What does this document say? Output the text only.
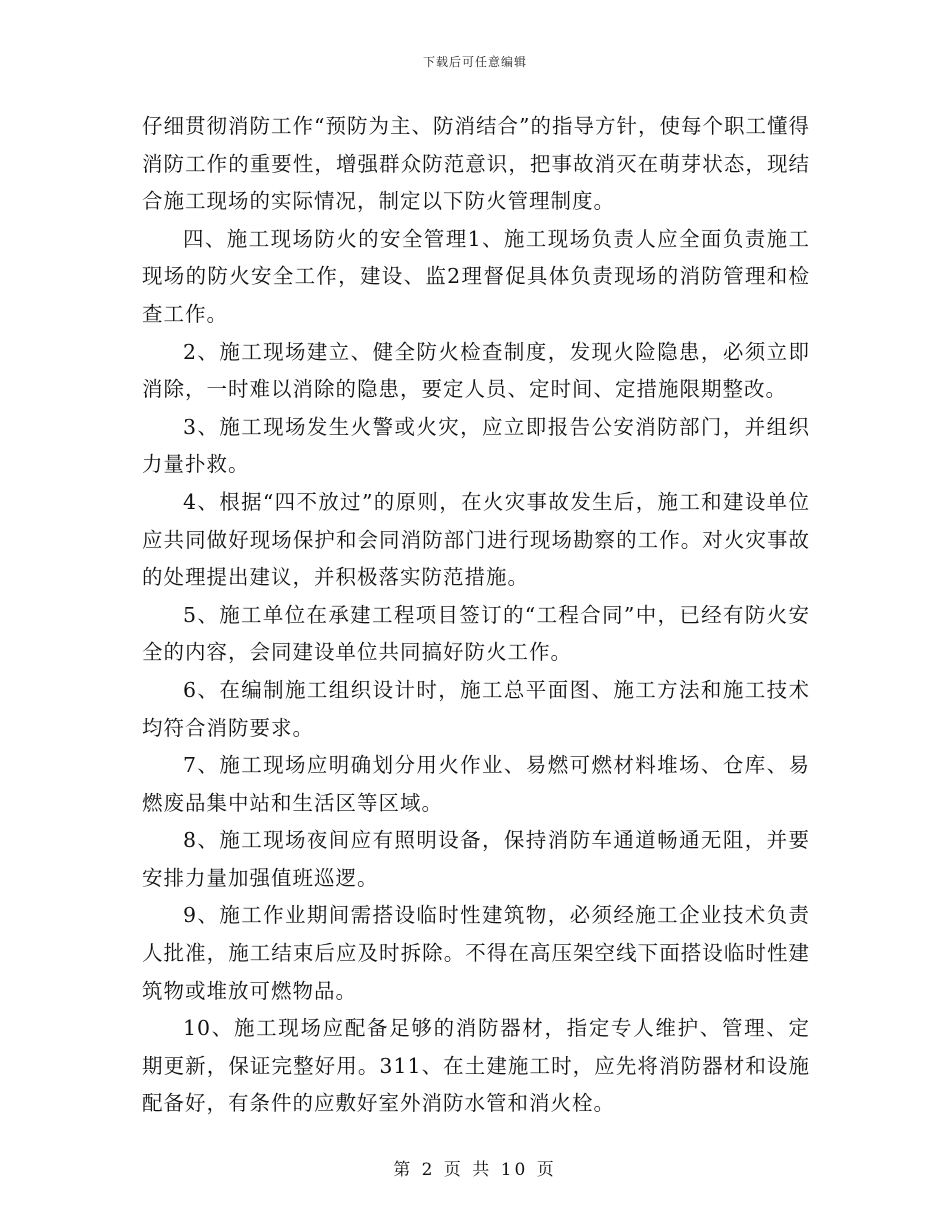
下载后可任意编辑

仔细贯彻消防工作“预防为主、防消结合”的指导方针，使每个职工懂得消防工作的重要性，增强群众防范意识，把事故消灭在萌芽状态，现结合施工现场的实际情况，制定以下防火管理制度。

四、施工现场防火的安全管理1、施工现场负责人应全面负责施工现场的防火安全工作，建设、监2理督促具体负责现场的消防管理和检查工作。

2、施工现场建立、健全防火检查制度，发现火险隐患，必须立即消除，一时难以消除的隐患，要定人员、定时间、定措施限期整改。

3、施工现场发生火警或火灾，应立即报告公安消防部门，并组织力量扑救。

4、根据“四不放过”的原则，在火灾事故发生后，施工和建设单位应共同做好现场保护和会同消防部门进行现场勘察的工作。对火灾事故的处理提出建议，并积极落实防范措施。

5、施工单位在承建工程项目签订的“工程合同”中，已经有防火安全的内容，会同建设单位共同搞好防火工作。

6、在编制施工组织设计时，施工总平面图、施工方法和施工技术均符合消防要求。

7、施工现场应明确划分用火作业、易燃可燃材料堆场、仓库、易燃废品集中站和生活区等区域。

8、施工现场夜间应有照明设备，保持消防车通道畅通无阻，并要安排力量加强值班巡逻。

9、施工作业期间需搭设临时性建筑物，必须经施工企业技术负责人批准，施工结束后应及时拆除。不得在高压架空线下面搭设临时性建筑物或堆放可燃物品。

10、施工现场应配备足够的消防器材，指定专人维护、管理、定期更新，保证完整好用。311、在土建施工时，应先将消防器材和设施配备好，有条件的应敷好室外消防水管和消火栓。

第 2 页 共 10 页
